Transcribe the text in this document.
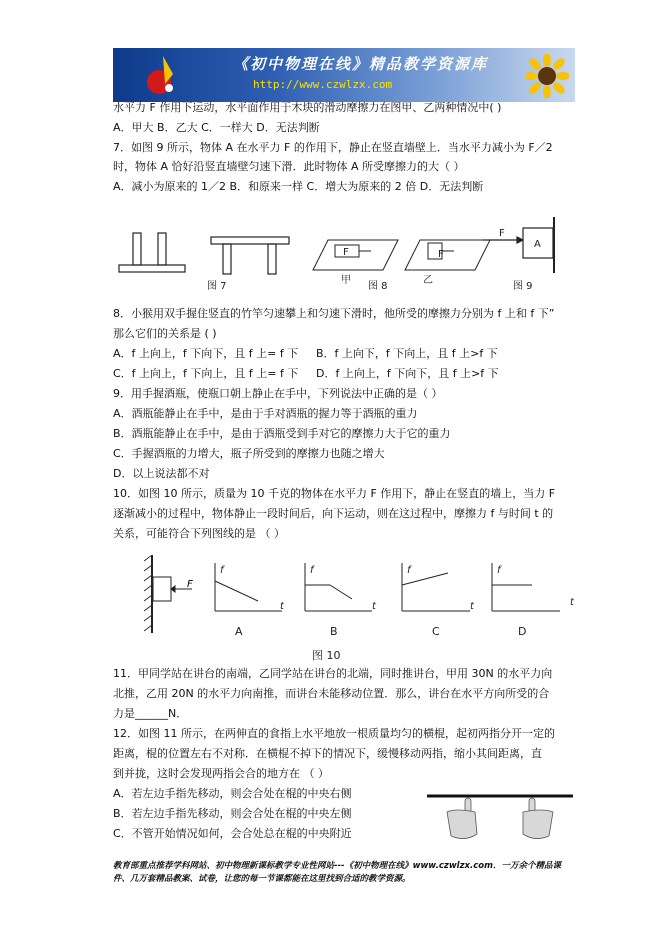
《初中物理在线》精品教学资源库
http://www.czwlzx.com
水平力 F 作用下运动，水平面作用于木块的滑动摩擦力在图甲、乙两种情况中( )
A．甲大 B．乙大 C．一样大 D．无法判断
7．如图 9 所示，物体 A 在水平力 F 的作用下，静止在竖直墙壁上．当水平力减小为 F／2
时，物体 A 恰好沿竖直墙壁匀速下滑．此时物体 A 所受摩擦力的大（ ）
A．减小为原来的 1／2 B．和原来一样 C．增大为原来的 2 倍 D．无法判断
F	F
F
A
甲	乙
图 7	图 8	图 9
8．小猴用双手握住竖直的竹竿匀速攀上和匀速下滑时，他所受的摩擦力分别为 f 上和 f 下”
那么它们的关系是 ( )
A．f 上向上，f 下向下，且 f 上= f 下 B．f 上向下，f 下向上，且 f 上>f 下
C．f 上向上，f 下向上，且 f 上= f 下 D．f 上向上，f 下向下，且 f 上>f 下
9．用手握酒瓶，使瓶口朝上静止在手中，下列说法中正确的是（ ）
A．酒瓶能静止在手中，是由于手对酒瓶的握力等于酒瓶的重力
B．酒瓶能静止在手中，是由于酒瓶受到手对它的摩擦力大于它的重力
C．手握酒瓶的力增大，瓶子所受到的摩擦力也随之增大
D．以上说法都不对
10．如图 10 所示，质量为 10 千克的物体在水平力 F 作用下，静止在竖直的墙上，当力 F
逐渐减小的过程中，物体静止一段时间后，向下运动，则在这过程中，摩擦力 f 与时间 t 的
关系，可能符合下列图线的是 （ ）
F
f
t
f
t
f
t
f
t
A	B	C	D
图 10
11．甲同学站在讲台的南端，乙同学站在讲台的北端，同时推讲台，甲用 30N 的水平力向
北推，乙用 20N 的水平力向南推，而讲台未能移动位置．那么，讲台在水平方向所受的合
力是______N．
12．如图 11 所示，在两伸直的食指上水平地放一根质量均匀的横棍，起初两指分开一定的
距离，棍的位置左右不对称．在横棍不掉下的情况下，缓慢移动两指，缩小其间距离，直
到并拢，这时会发现两指会合的地方在 （ ）
A．若左边手指先移动，则会合处在棍的中央右侧
B．若左边手指先移动，则会合处在棍的中央左侧
C．不管开始情况如何，会合处总在棍的中央附近
教育部重点推荐学科网站、初中物理新课标教学专业性网站---《初中物理在线》www.czwlzx.com．一万余个精品课件、几万套精品教案、试卷，让您的每一节课都能在这里找到合适的教学资源。
